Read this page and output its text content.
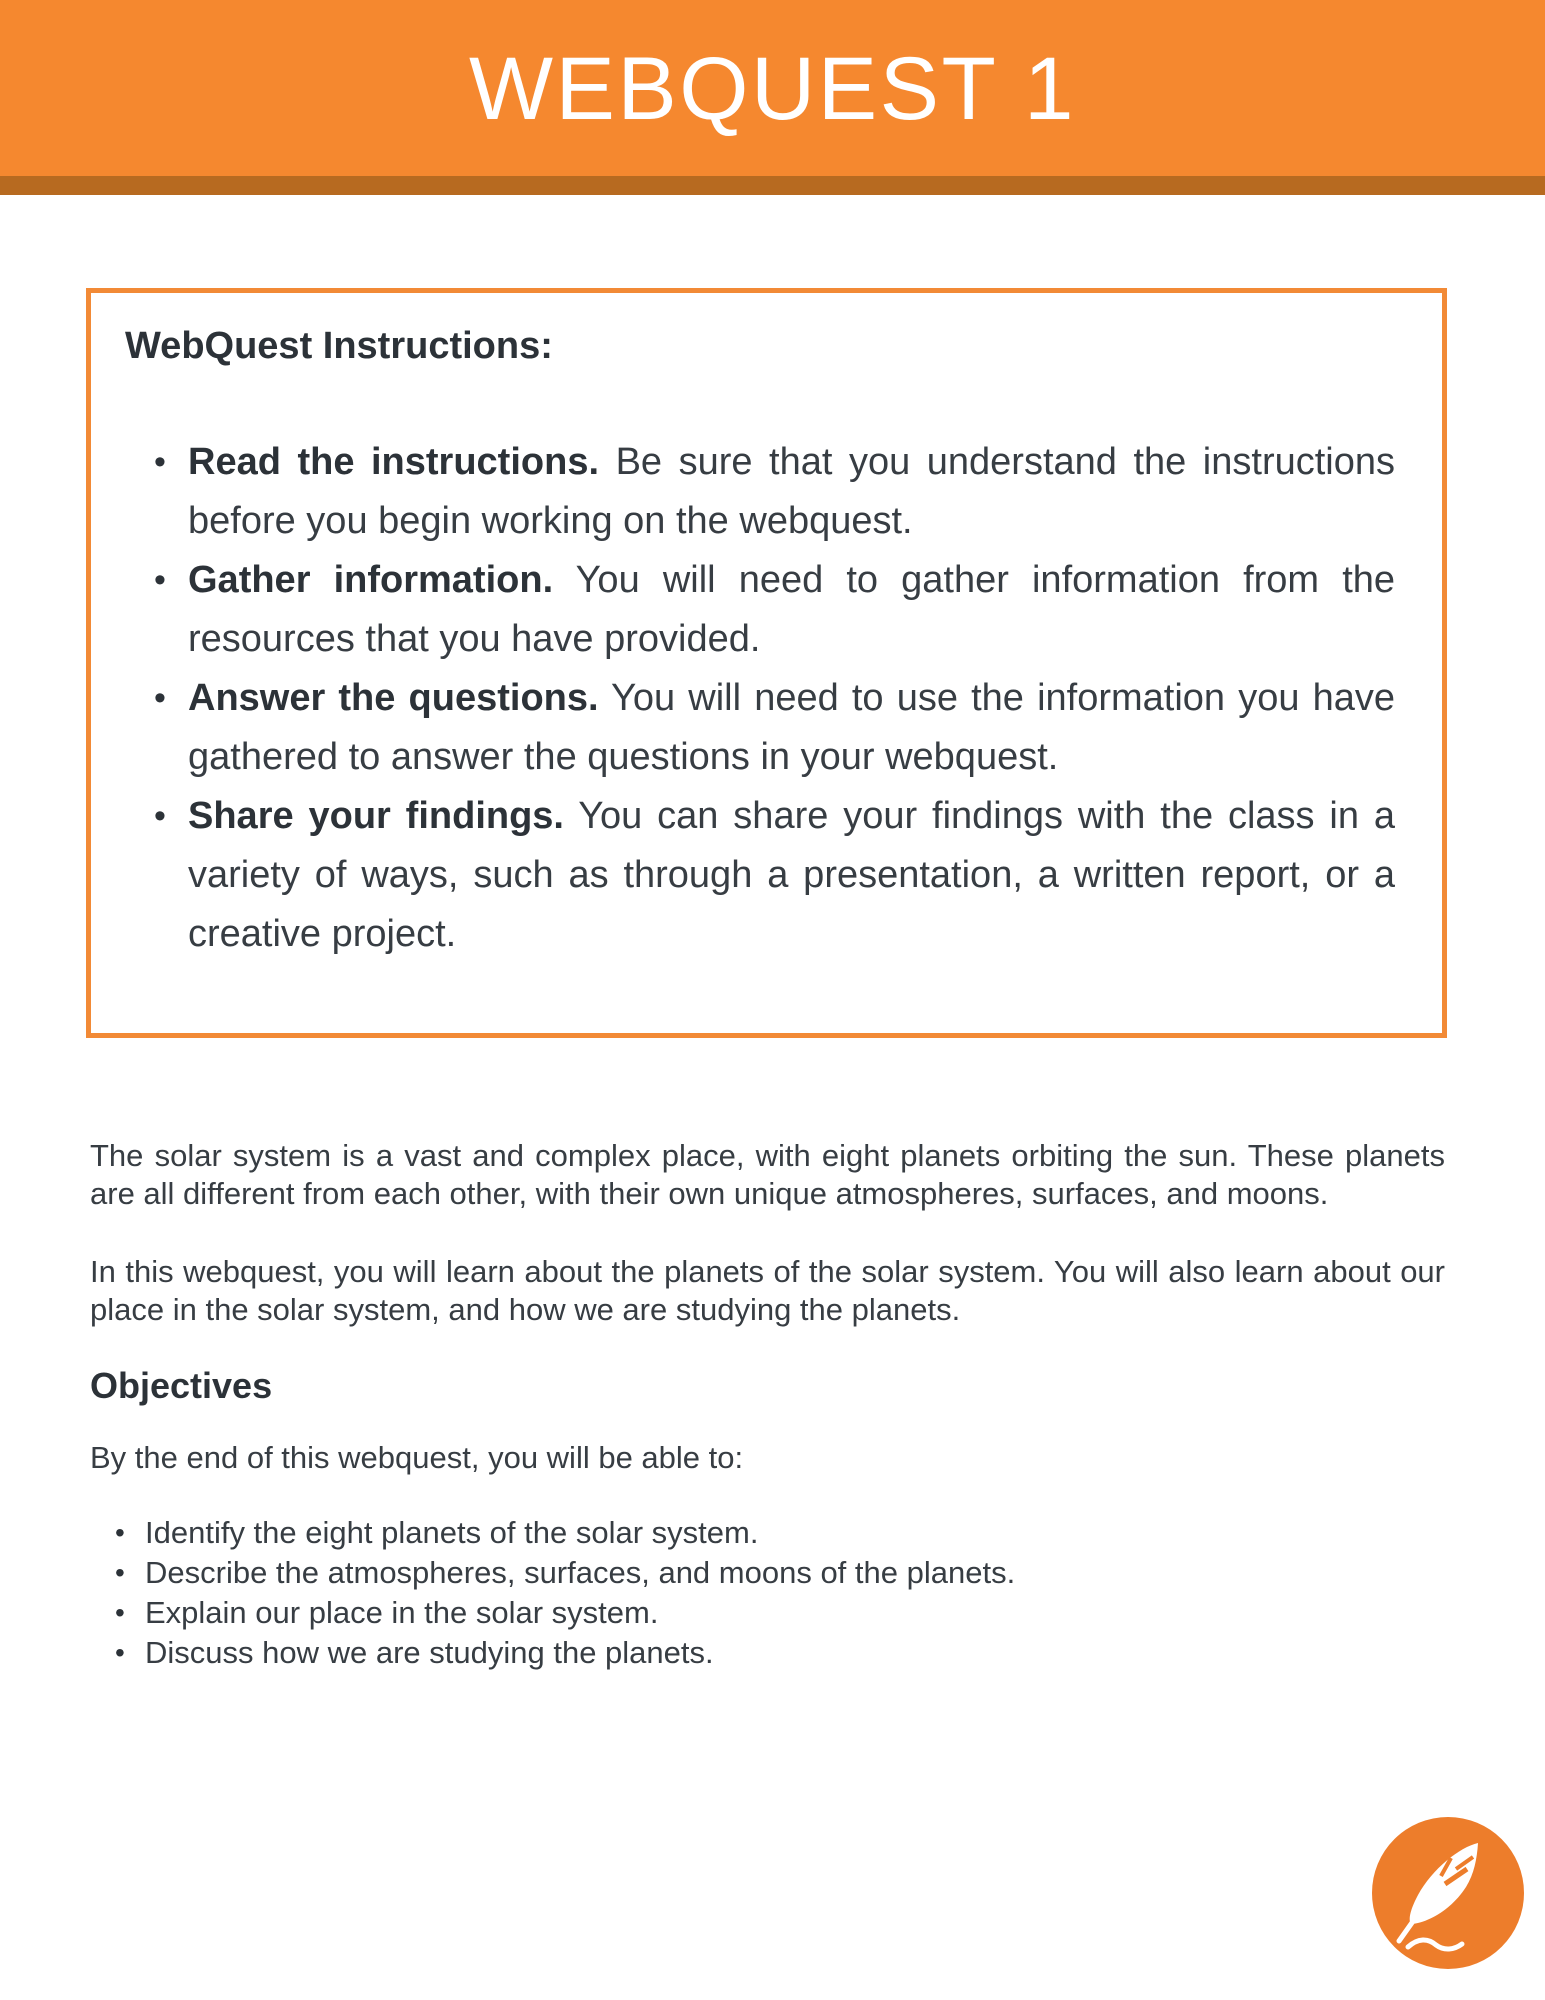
WEBQUEST 1
WebQuest Instructions:
• Read the instructions. Be sure that you understand the instructions before you begin working on the webquest.
• Gather information. You will need to gather information from the resources that you have provided.
• Answer the questions. You will need to use the information you have gathered to answer the questions in your webquest.
• Share your findings. You can share your findings with the class in a variety of ways, such as through a presentation, a written report, or a creative project.

The solar system is a vast and complex place, with eight planets orbiting the sun. These planets are all different from each other, with their own unique atmospheres, surfaces, and moons.

In this webquest, you will learn about the planets of the solar system. You will also learn about our place in the solar system, and how we are studying the planets.

Objectives

By the end of this webquest, you will be able to:

• Identify the eight planets of the solar system.
• Describe the atmospheres, surfaces, and moons of the planets.
• Explain our place in the solar system.
• Discuss how we are studying the planets.
